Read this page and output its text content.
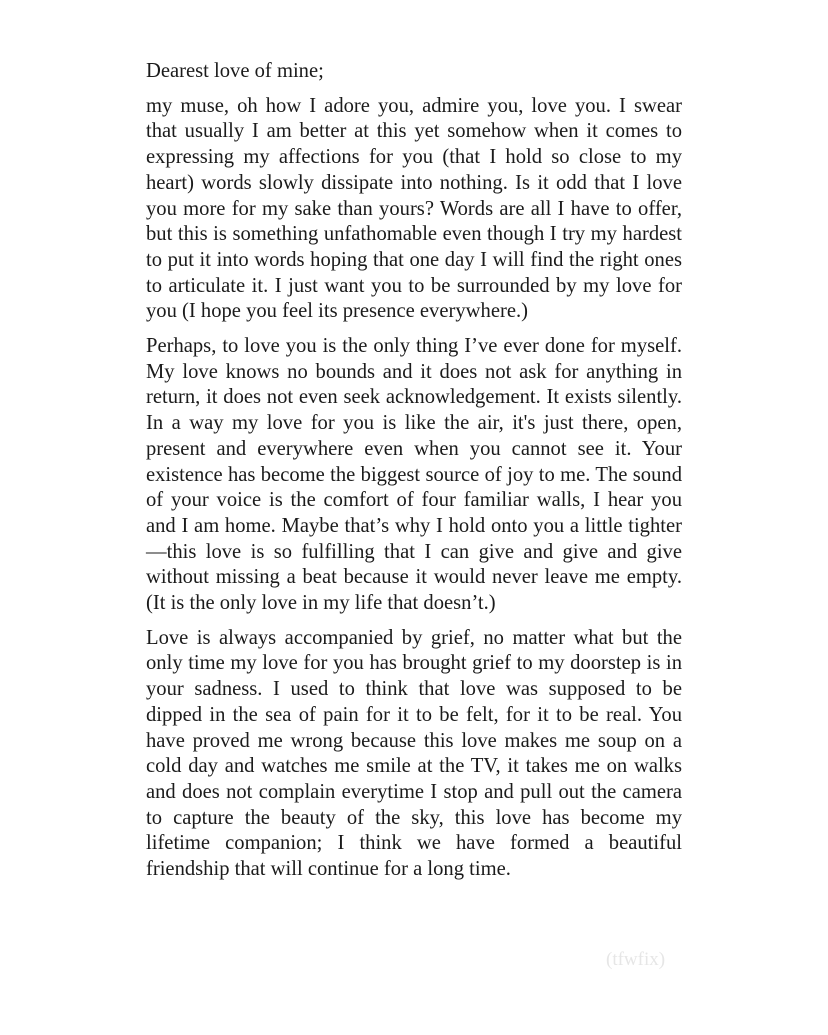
Dearest love of mine;

my muse, oh how I adore you, admire you, love you. I swear that usually I am better at this yet somehow when it comes to expressing my affections for you (that I hold so close to my heart) words slowly dissipate into nothing. Is it odd that I love you more for my sake than yours? Words are all I have to offer, but this is something unfathomable even though I try my hardest to put it into words hoping that one day I will find the right ones to articulate it. I just want you to be surrounded by my love for you (I hope you feel its presence everywhere.)

Perhaps, to love you is the only thing I’ve ever done for myself. My love knows no bounds and it does not ask for anything in return, it does not even seek acknowledgement. It exists silently. In a way my love for you is like the air, it's just there, open, present and everywhere even when you cannot see it. Your existence has become the biggest source of joy to me. The sound of your voice is the comfort of four familiar walls, I hear you and I am home. Maybe that’s why I hold onto you a little tighter—this love is so fulfilling that I can give and give and give without missing a beat because it would never leave me empty. (It is the only love in my life that doesn’t.)

Love is always accompanied by grief, no matter what but the only time my love for you has brought grief to my doorstep is in your sadness. I used to think that love was supposed to be dipped in the sea of pain for it to be felt, for it to be real. You have proved me wrong because this love makes me soup on a cold day and watches me smile at the TV, it takes me on walks and does not complain everytime I stop and pull out the camera to capture the beauty of the sky, this love has become my lifetime companion; I think we have formed a beautiful friendship that will continue for a long time.

(tfwfix)
